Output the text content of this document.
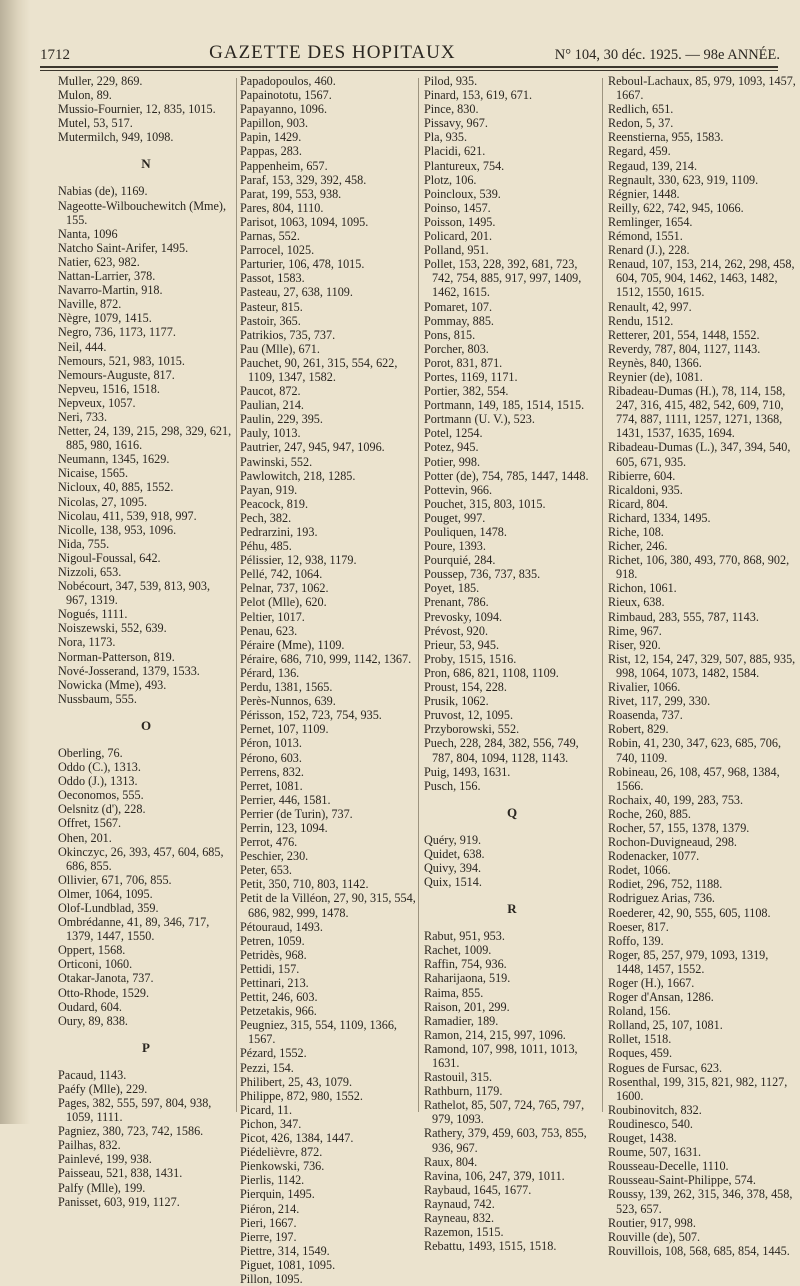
1712	GAZETTE DES HOPITAUX	N° 104, 30 déc. 1925. — 98e ANNÉE.
Muller, 229, 869.
Mulon, 89.
Mussio-Fournier, 12, 835, 1015.
Mutel, 53, 517.
Mutermilch, 949, 1098.
N
Nabias (de), 1169.
Nageotte-Wilbouchewitch (Mme), 155.
Nanta, 1096
Natcho Saint-Arifer, 1495.
Natier, 623, 982.
Nattan-Larrier, 378.
Navarro-Martin, 918.
Naville, 872.
Nègre, 1079, 1415.
Negro, 736, 1173, 1177.
Neil, 444.
Nemours, 521, 983, 1015.
Nemours-Auguste, 817.
Nepveu, 1516, 1518.
Nepveux, 1057.
Neri, 733.
Netter, 24, 139, 215, 298, 329, 621, 885, 980, 1616.
Neumann, 1345, 1629.
Nicaise, 1565.
Nicloux, 40, 885, 1552.
Nicolas, 27, 1095.
Nicolau, 411, 539, 918, 997.
Nicolle, 138, 953, 1096.
Nida, 755.
Nigoul-Foussal, 642.
Nizzoli, 653.
Nobécourt, 347, 539, 813, 903, 967, 1319.
Nogués, 1111.
Noiszewski, 552, 639.
Nora, 1173.
Norman-Patterson, 819.
Nové-Josserand, 1379, 1533.
Nowicka (Mme), 493.
Nussbaum, 555.
O
Oberling, 76.
Oddo (C.), 1313.
Oddo (J.), 1313.
Oeconomos, 555.
Oelsnitz (d'), 228.
Offret, 1567.
Ohen, 201.
Okinczyc, 26, 393, 457, 604, 685, 686, 855.
Ollivier, 671, 706, 855.
Olmer, 1064, 1095.
Olof-Lundblad, 359.
Ombrédanne, 41, 89, 346, 717, 1379, 1447, 1550.
Oppert, 1568.
Orticoni, 1060.
Otakar-Janota, 737.
Otto-Rhode, 1529.
Oudard, 604.
Oury, 89, 838.
P
Pacaud, 1143.
Paéfy (Mlle), 229.
Pages, 382, 555, 597, 804, 938, 1059, 1111.
Pagniez, 380, 723, 742, 1586.
Pailhas, 832.
Painlevé, 199, 938.
Paisseau, 521, 838, 1431.
Palfy (Mlle), 199.
Panisset, 603, 919, 1127.
Papadopoulos, 460.
Papainototu, 1567.
Papayanno, 1096.
Papillon, 903.
Papin, 1429.
Pappas, 283.
Pappenheim, 657.
Paraf, 153, 329, 392, 458.
Parat, 199, 553, 938.
Pares, 804, 1110.
Parisot, 1063, 1094, 1095.
Parnas, 552.
Parrocel, 1025.
Parturier, 106, 478, 1015.
Passot, 1583.
Pasteau, 27, 638, 1109.
Pasteur, 815.
Pastoir, 365.
Patrikios, 735, 737.
Pau (Mlle), 671.
Pauchet, 90, 261, 315, 554, 622, 1109, 1347, 1582.
Paucot, 872.
Paulian, 214.
Paulin, 229, 395.
Pauly, 1013.
Pautrier, 247, 945, 947, 1096.
Pawinski, 552.
Pawlowitch, 218, 1285.
Payan, 919.
Peacock, 819.
Pech, 382.
Pedrarzini, 193.
Péhu, 485.
Pélissier, 12, 938, 1179.
Pellé, 742, 1064.
Pelnar, 737, 1062.
Pelot (Mlle), 620.
Peltier, 1017.
Penau, 623.
Péraire (Mme), 1109.
Péraire, 686, 710, 999, 1142, 1367.
Pérard, 136.
Perdu, 1381, 1565.
Perès-Nunnos, 639.
Périsson, 152, 723, 754, 935.
Pernet, 107, 1109.
Péron, 1013.
Pérono, 603.
Perrens, 832.
Perret, 1081.
Perrier, 446, 1581.
Perrier (de Turin), 737.
Perrin, 123, 1094.
Perrot, 476.
Peschier, 230.
Peter, 653.
Petit, 350, 710, 803, 1142.
Petit de la Villéon, 27, 90, 315, 554, 686, 982, 999, 1478.
Pétouraud, 1493.
Petren, 1059.
Petridès, 968.
Pettidi, 157.
Pettinari, 213.
Pettit, 246, 603.
Petzetakis, 966.
Peugniez, 315, 554, 1109, 1366, 1567.
Pézard, 1552.
Pezzi, 154.
Philibert, 25, 43, 1079.
Philippe, 872, 980, 1552.
Picard, 11.
Pichon, 347.
Picot, 426, 1384, 1447.
Piédelièvre, 872.
Pienkowski, 736.
Pierlis, 1142.
Pierquin, 1495.
Piéron, 214.
Pieri, 1667.
Pierre, 197.
Piettre, 314, 1549.
Piguet, 1081, 1095.
Pillon, 1095.
Pilod, 935.
Pinard, 153, 619, 671.
Pince, 830.
Pissavy, 967.
Pla, 935.
Placidi, 621.
Plantureux, 754.
Plotz, 106.
Poincloux, 539.
Poinso, 1457.
Poisson, 1495.
Policard, 201.
Polland, 951.
Pollet, 153, 228, 392, 681, 723, 742, 754, 885, 917, 997, 1409, 1462, 1615.
Pomaret, 107.
Pommay, 885.
Pons, 815.
Porcher, 803.
Porot, 831, 871.
Portes, 1169, 1171.
Portier, 382, 554.
Portmann, 149, 185, 1514, 1515.
Portmann (U. V.), 523.
Potel, 1254.
Potez, 945.
Potier, 998.
Potter (de), 754, 785, 1447, 1448.
Pottevin, 966.
Pouchet, 315, 803, 1015.
Pouget, 997.
Pouliquen, 1478.
Poure, 1393.
Pourquié, 284.
Poussep, 736, 737, 835.
Poyet, 185.
Prenant, 786.
Prevosky, 1094.
Prévost, 920.
Prieur, 53, 945.
Proby, 1515, 1516.
Pron, 686, 821, 1108, 1109.
Proust, 154, 228.
Prusik, 1062.
Pruvost, 12, 1095.
Przyborowski, 552.
Puech, 228, 284, 382, 556, 749, 787, 804, 1094, 1128, 1143.
Puig, 1493, 1631.
Pusch, 156.
Q
Quéry, 919.
Quidet, 638.
Quivy, 394.
Quix, 1514.
R
Rabut, 951, 953.
Rachet, 1009.
Raffin, 754, 936.
Raharijaona, 519.
Raima, 855.
Raison, 201, 299.
Ramadier, 189.
Ramon, 214, 215, 997, 1096.
Ramond, 107, 998, 1011, 1013, 1631.
Rastouil, 315.
Rathburn, 1179.
Rathelot, 85, 507, 724, 765, 797, 979, 1093.
Rathery, 379, 459, 603, 753, 855, 936, 967.
Raux, 804.
Ravina, 106, 247, 379, 1011.
Raybaud, 1645, 1677.
Raynaud, 742.
Rayneau, 832.
Razemon, 1515.
Rebattu, 1493, 1515, 1518.
Reboul-Lachaux, 85, 979, 1093, 1457, 1667.
Redlich, 651.
Redon, 5, 37.
Reenstierna, 955, 1583.
Regard, 459.
Regaud, 139, 214.
Regnault, 330, 623, 919, 1109.
Régnier, 1448.
Reilly, 622, 742, 945, 1066.
Remlinger, 1654.
Rémond, 1551.
Renard (J.), 228.
Renaud, 107, 153, 214, 262, 298, 458, 604, 705, 904, 1462, 1463, 1482, 1512, 1550, 1615.
Renault, 42, 997.
Rendu, 1512.
Retterer, 201, 554, 1448, 1552.
Reverdy, 787, 804, 1127, 1143.
Reynès, 840, 1366.
Reynier (de), 1081.
Ribadeau-Dumas (H.), 78, 114, 158, 247, 316, 415, 482, 542, 609, 710, 774, 887, 1111, 1257, 1271, 1368, 1431, 1537, 1635, 1694.
Ribadeau-Dumas (L.), 347, 394, 540, 605, 671, 935.
Ribierre, 604.
Ricaldoni, 935.
Ricard, 804.
Richard, 1334, 1495.
Riche, 108.
Richer, 246.
Richet, 106, 380, 493, 770, 868, 902, 918.
Richon, 1061.
Rieux, 638.
Rimbaud, 283, 555, 787, 1143.
Rime, 967.
Riser, 920.
Rist, 12, 154, 247, 329, 507, 885, 935, 998, 1064, 1073, 1482, 1584.
Rivalier, 1066.
Rivet, 117, 299, 330.
Roasenda, 737.
Robert, 829.
Robin, 41, 230, 347, 623, 685, 706, 740, 1109.
Robineau, 26, 108, 457, 968, 1384, 1566.
Rochaix, 40, 199, 283, 753.
Roche, 260, 885.
Rocher, 57, 155, 1378, 1379.
Rochon-Duvigneaud, 298.
Rodenacker, 1077.
Rodet, 1066.
Rodiet, 296, 752, 1188.
Rodriguez Arias, 736.
Roederer, 42, 90, 555, 605, 1108.
Roeser, 817.
Roffo, 139.
Roger, 85, 257, 979, 1093, 1319, 1448, 1457, 1552.
Roger (H.), 1667.
Roger d'Ansan, 1286.
Roland, 156.
Rolland, 25, 107, 1081.
Rollet, 1518.
Roques, 459.
Rogues de Fursac, 623.
Rosenthal, 199, 315, 821, 982, 1127, 1600.
Roubinovitch, 832.
Roudinesco, 540.
Rouget, 1438.
Roume, 507, 1631.
Rousseau-Decelle, 1110.
Rousseau-Saint-Philippe, 574.
Roussy, 139, 262, 315, 346, 378, 458, 523, 657.
Routier, 917, 998.
Rouville (de), 507.
Rouvillois, 108, 568, 685, 854, 1445.
